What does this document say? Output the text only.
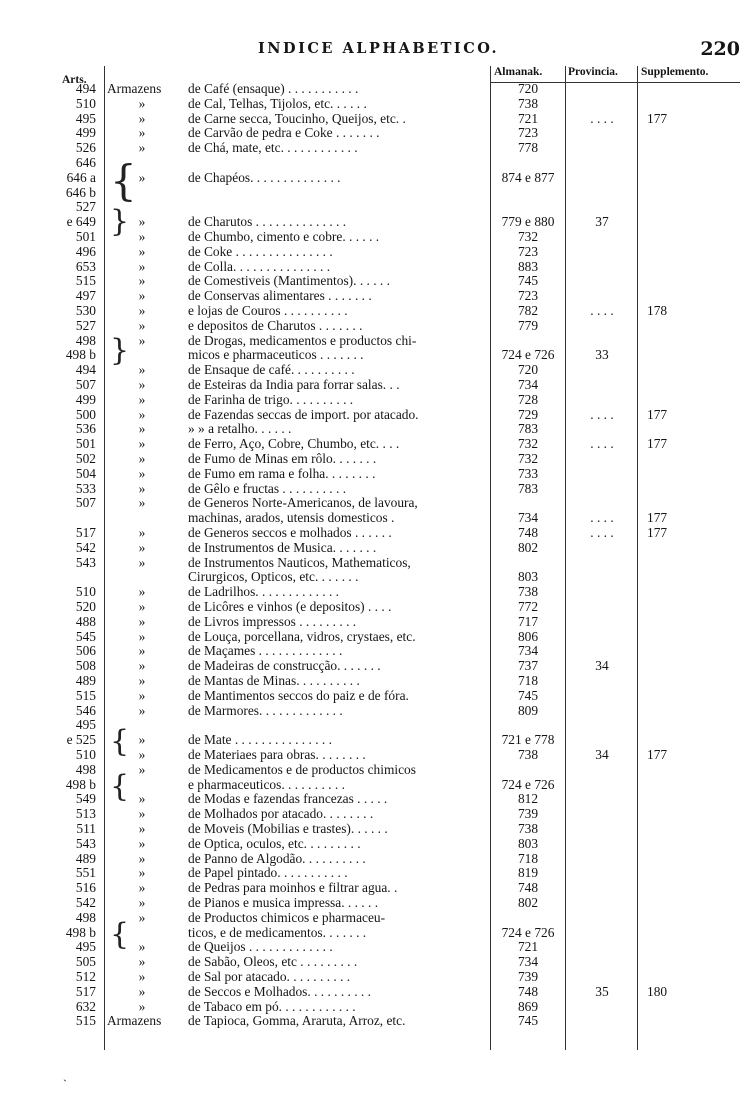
INDICE ALPHABETICO.	220
Arts.
Almanak. Provincia. Supplemento.
{
}
}
{
{
{
494 Armazens de Café (ensaque) . . . . . . . . . . .	720
510	»	de Cal, Telhas, Tijolos, etc. . . . . .	738
495	»	de Carne secca, Toucinho, Queijos, etc. .	721	. . . .	177
499	»	de Carvão de pedra e Coke . . . . . . .	723
526	»	de Chá, mate, etc. . . . . . . . . . . .	778
646
646 a	»	de Chapéos. . . . . . . . . . . . . .	874 e 877
646 b
527
e 649	»	de Charutos . . . . . . . . . . . . . .	779 e 880	37
501	»	de Chumbo, cimento e cobre. . . . . .	732
496	»	de Coke . . . . . . . . . . . . . . .	723
653	»	de Colla. . . . . . . . . . . . . . .	883
515	»	de Comestiveis (Mantimentos). . . . . .	745
497	»	de Conservas alimentares . . . . . . .	723
530	»	e lojas de Couros . . . . . . . . . .	782	. . . .	178
527	»	e depositos de Charutos . . . . . . .	779
498	»	de Drogas, medicamentos e productos chi-
498 b	micos e pharmaceuticos . . . . . . .	724 e 726	33
494	»	de Ensaque de café. . . . . . . . . .	720
507	»	de Esteiras da India para forrar salas. . .	734
499	»	de Farinha de trigo. . . . . . . . . .	728
500	»	de Fazendas seccas de import. por atacado.	729	. . . .	177
536	»	» » a retalho. . . . . .	783
501	»	de Ferro, Aço, Cobre, Chumbo, etc. . . .	732	. . . .	177
502	»	de Fumo de Minas em rôlo. . . . . . .	732
504	»	de Fumo em rama e folha. . . . . . . .	733
533	»	de Gêlo e fructas . . . . . . . . . .	783
507	»	de Generos Norte-Americanos, de lavoura,
machinas, arados, utensis domesticos .	734	. . . .	177
517	»	de Generos seccos e molhados . . . . . .	748	. . . .	177
542	»	de Instrumentos de Musica. . . . . . .	802
543	»	de Instrumentos Nauticos, Mathematicos,
Cirurgicos, Opticos, etc. . . . . . .	803
510	»	de Ladrilhos. . . . . . . . . . . . .	738
520	»	de Licôres e vinhos (e depositos) . . . .	772
488	»	de Livros impressos . . . . . . . . .	717
545	»	de Louça, porcellana, vidros, crystaes, etc.	806
506	»	de Maçames . . . . . . . . . . . . .	734
508	»	de Madeiras de construcção. . . . . . .	737	34
489	»	de Mantas de Minas. . . . . . . . . .	718
515	»	de Mantimentos seccos do paiz e de fóra.	745
546	»	de Marmores. . . . . . . . . . . . .	809
495
e 525	»	de Mate . . . . . . . . . . . . . . .	721 e 778
510	»	de Materiaes para obras. . . . . . . .	738	34	177
498	»	de Medicamentos e de productos chimicos
498 b	e pharmaceuticos. . . . . . . . . .	724 e 726
549	»	de Modas e fazendas francezas . . . . .	812
513	»	de Molhados por atacado. . . . . . . .	739
511	»	de Moveis (Mobilias e trastes). . . . . .	738
543	»	de Optica, oculos, etc. . . . . . . . .	803
489	»	de Panno de Algodão. . . . . . . . . .	718
551	»	de Papel pintado. . . . . . . . . . .	819
516	»	de Pedras para moinhos e filtrar agua. .	748
542	»	de Pianos e musica impressa. . . . . .	802
498	»	de Productos chimicos e pharmaceu-
498 b	ticos, e de medicamentos. . . . . . .	724 e 726
495	»	de Queijos . . . . . . . . . . . . .	721
505	»	de Sabão, Oleos, etc . . . . . . . . .	734
512	»	de Sal por atacado. . . . . . . . . .	739
517	»	de Seccos e Molhados. . . . . . . . . .	748	35	180
632	»	de Tabaco em pó. . . . . . . . . . . .	869
515 Armazens de Tapioca, Gomma, Araruta, Arroz, etc.	745
ˎ
